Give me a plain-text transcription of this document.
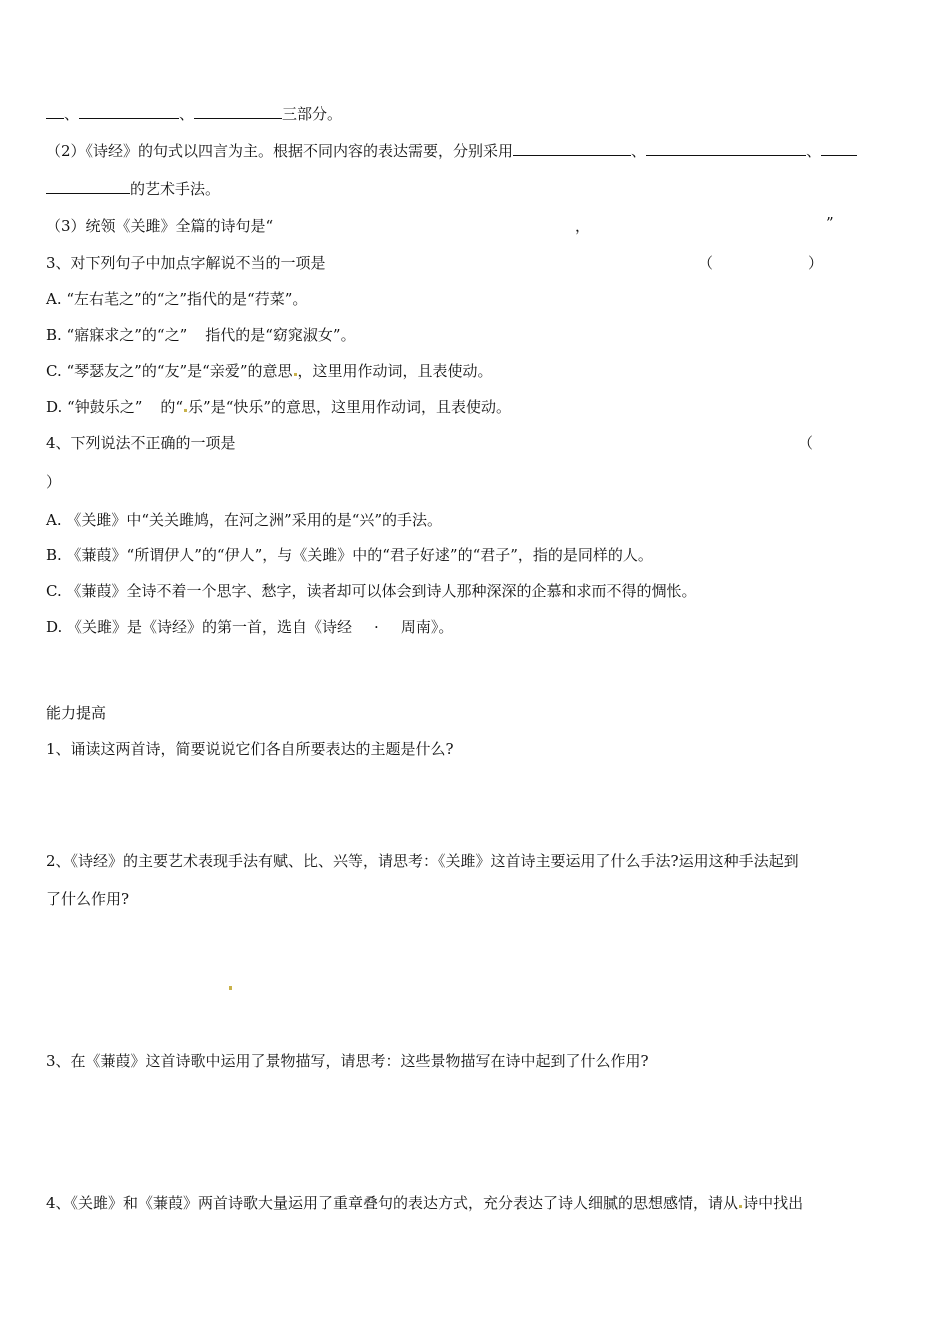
、	、	三部分。
（2）《诗经》的句式以四言为主。根据不同内容的表达需要，分别采用	、	、
的艺术手法。
（3）统领《关雎》全篇的诗句是“	，	”
3、对下列句子中加点字解说不当的一项是	（	）
A. “左右芼之”的“之”指代的是“荇菜”。
B. “寤寐求之”的“之” 指代的是“窈窕淑女”。
C. “琴瑟友之”的“友”是“亲爱”的意思 ，这里用作动词，且表使动。
D. “钟鼓乐之” 的“ 乐”是“快乐”的意思，这里用作动词，且表使动。
4、下列说法不正确的一项是	（
）
A. 《关雎》中“关关雎鸠，在河之洲”采用的是“兴”的手法。
B. 《蒹葭》“所谓伊人”的“伊人”，与《关雎》中的“君子好逑”的“君子”，指的是同样的人。
C. 《蒹葭》全诗不着一个思字、愁字，读者却可以体会到诗人那种深深的企慕和求而不得的惆怅。
D. 《关雎》是《诗经》的第一首，选自《诗经 · 周南》。
能力提高
1、诵读这两首诗，简要说说它们各自所要表达的主题是什么?
2、《诗经》的主要艺术表现手法有赋、比、兴等，请思考：《关雎》这首诗主要运用了什么手法?运用这种手法起到
了什么作用?
3、在《蒹葭》这首诗歌中运用了景物描写，请思考：这些景物描写在诗中起到了什么作用?
4、《关雎》和《蒹葭》两首诗歌大量运用了重章叠句的表达方式，充分表达了诗人细腻的思想感情，请从 诗中找出
